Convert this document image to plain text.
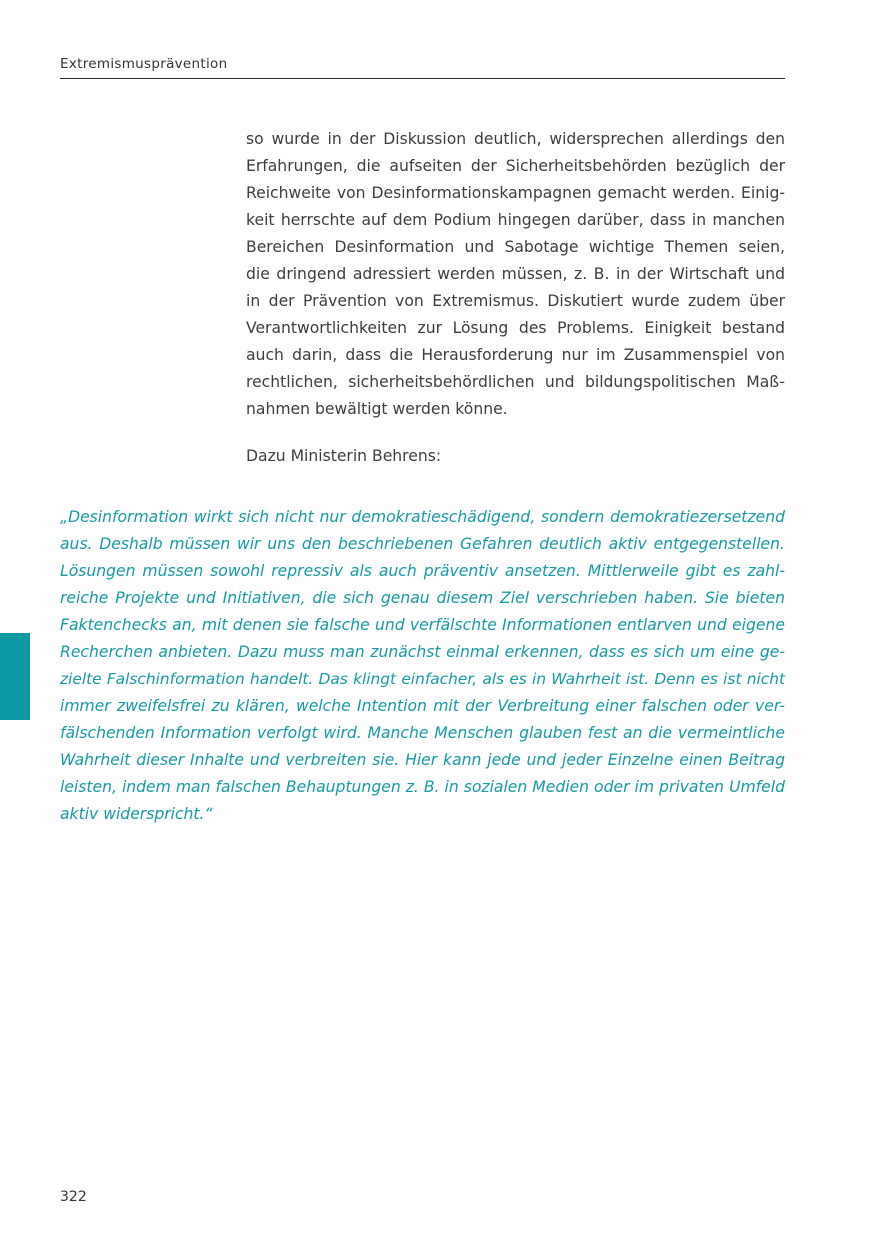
Extremismusprävention
so wurde in der Diskussion deutlich, widersprechen allerdings den
Erfahrungen, die aufseiten der Sicherheitsbehörden bezüglich der
Reichweite von Desinformationskampagnen gemacht werden. Einig-
keit herrschte auf dem Podium hingegen darüber, dass in manchen
Bereichen Desinformation und Sabotage wichtige Themen seien,
die dringend adressiert werden müssen, z. B. in der Wirtschaft und
in der Prävention von Extremismus. Diskutiert wurde zudem über
Verantwortlichkeiten zur Lösung des Problems. Einigkeit bestand
auch darin, dass die Herausforderung nur im Zusammenspiel von
rechtlichen, sicherheitsbehördlichen und bildungspolitischen Maß-
nahmen bewältigt werden könne.
Dazu Ministerin Behrens:
„Desinformation wirkt sich nicht nur demokratieschädigend, sondern demokratiezersetzend
aus. Deshalb müssen wir uns den beschriebenen Gefahren deutlich aktiv entgegenstellen.
Lösungen müssen sowohl repressiv als auch präventiv ansetzen. Mittlerweile gibt es zahl-
reiche Projekte und Initiativen, die sich genau diesem Ziel verschrieben haben. Sie bieten
Faktenchecks an, mit denen sie falsche und verfälschte Informationen entlarven und eigene
Recherchen anbieten. Dazu muss man zunächst einmal erkennen, dass es sich um eine ge-
zielte Falschinformation handelt. Das klingt einfacher, als es in Wahrheit ist. Denn es ist nicht
immer zweifelsfrei zu klären, welche Intention mit der Verbreitung einer falschen oder ver-
fälschenden Information verfolgt wird. Manche Menschen glauben fest an die vermeintliche
Wahrheit dieser Inhalte und verbreiten sie. Hier kann jede und jeder Einzelne einen Beitrag
leisten, indem man falschen Behauptungen z. B. in sozialen Medien oder im privaten Umfeld
aktiv widerspricht.“
322
